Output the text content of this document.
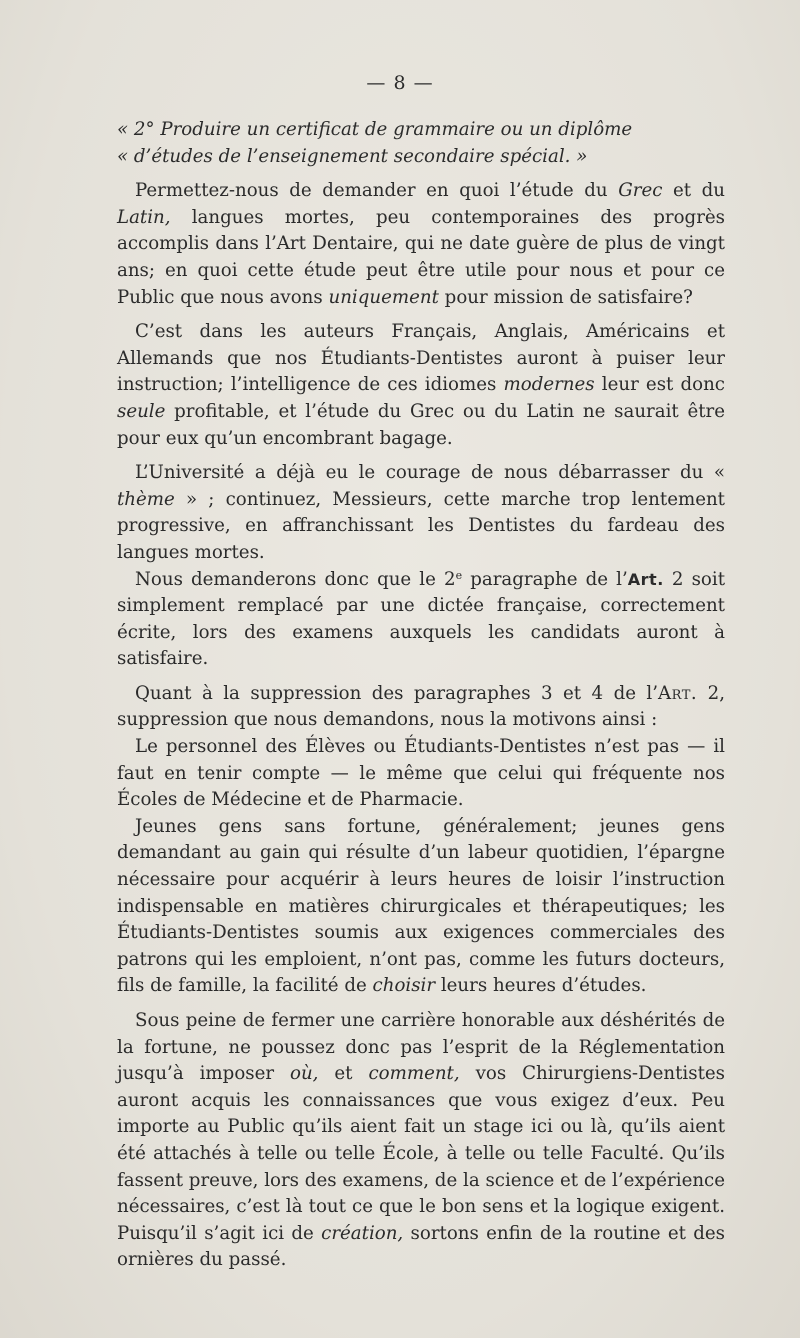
— 8 —

« 2° Produire un certificat de grammaire ou un diplôme
« d’études de l’enseignement secondaire spécial. »

Permettez-nous de demander en quoi l’étude du Grec et du Latin, langues mortes, peu contemporaines des progrès accomplis dans l’Art Dentaire, qui ne date guère de plus de vingt ans; en quoi cette étude peut être utile pour nous et pour ce Public que nous avons uniquement pour mission de satisfaire?

C’est dans les auteurs Français, Anglais, Américains et Allemands que nos Étudiants-Dentistes auront à puiser leur instruction; l’intelligence de ces idiomes modernes leur est donc seule profitable, et l’étude du Grec ou du Latin ne saurait être pour eux qu’un encombrant bagage.

L’Université a déjà eu le courage de nous débarrasser du « thème » ; continuez, Messieurs, cette marche trop lentement progressive, en affranchissant les Dentistes du fardeau des langues mortes.

Nous demanderons donc que le 2e paragraphe de l’Art. 2 soit simplement remplacé par une dictée française, correctement écrite, lors des examens auxquels les candidats auront à satisfaire.

Quant à la suppression des paragraphes 3 et 4 de l’Art. 2, suppression que nous demandons, nous la motivons ainsi :

Le personnel des Élèves ou Étudiants-Dentistes n’est pas — il faut en tenir compte — le même que celui qui fréquente nos Écoles de Médecine et de Pharmacie.

Jeunes gens sans fortune, généralement; jeunes gens demandant au gain qui résulte d’un labeur quotidien, l’épargne nécessaire pour acquérir à leurs heures de loisir l’instruction indispensable en matières chirurgicales et thérapeutiques; les Étudiants-Dentistes soumis aux exigences commerciales des patrons qui les emploient, n’ont pas, comme les futurs docteurs, fils de famille, la facilité de choisir leurs heures d’études.

Sous peine de fermer une carrière honorable aux déshérités de la fortune, ne poussez donc pas l’esprit de la Réglementation jusqu’à imposer où, et comment, vos Chirurgiens-Dentistes auront acquis les connaissances que vous exigez d’eux. Peu importe au Public qu’ils aient fait un stage ici ou là, qu’ils aient été attachés à telle ou telle École, à telle ou telle Faculté. Qu’ils fassent preuve, lors des examens, de la science et de l’expérience nécessaires, c’est là tout ce que le bon sens et la logique exigent. Puisqu’il s’agit ici de création, sortons enfin de la routine et des ornières du passé.
